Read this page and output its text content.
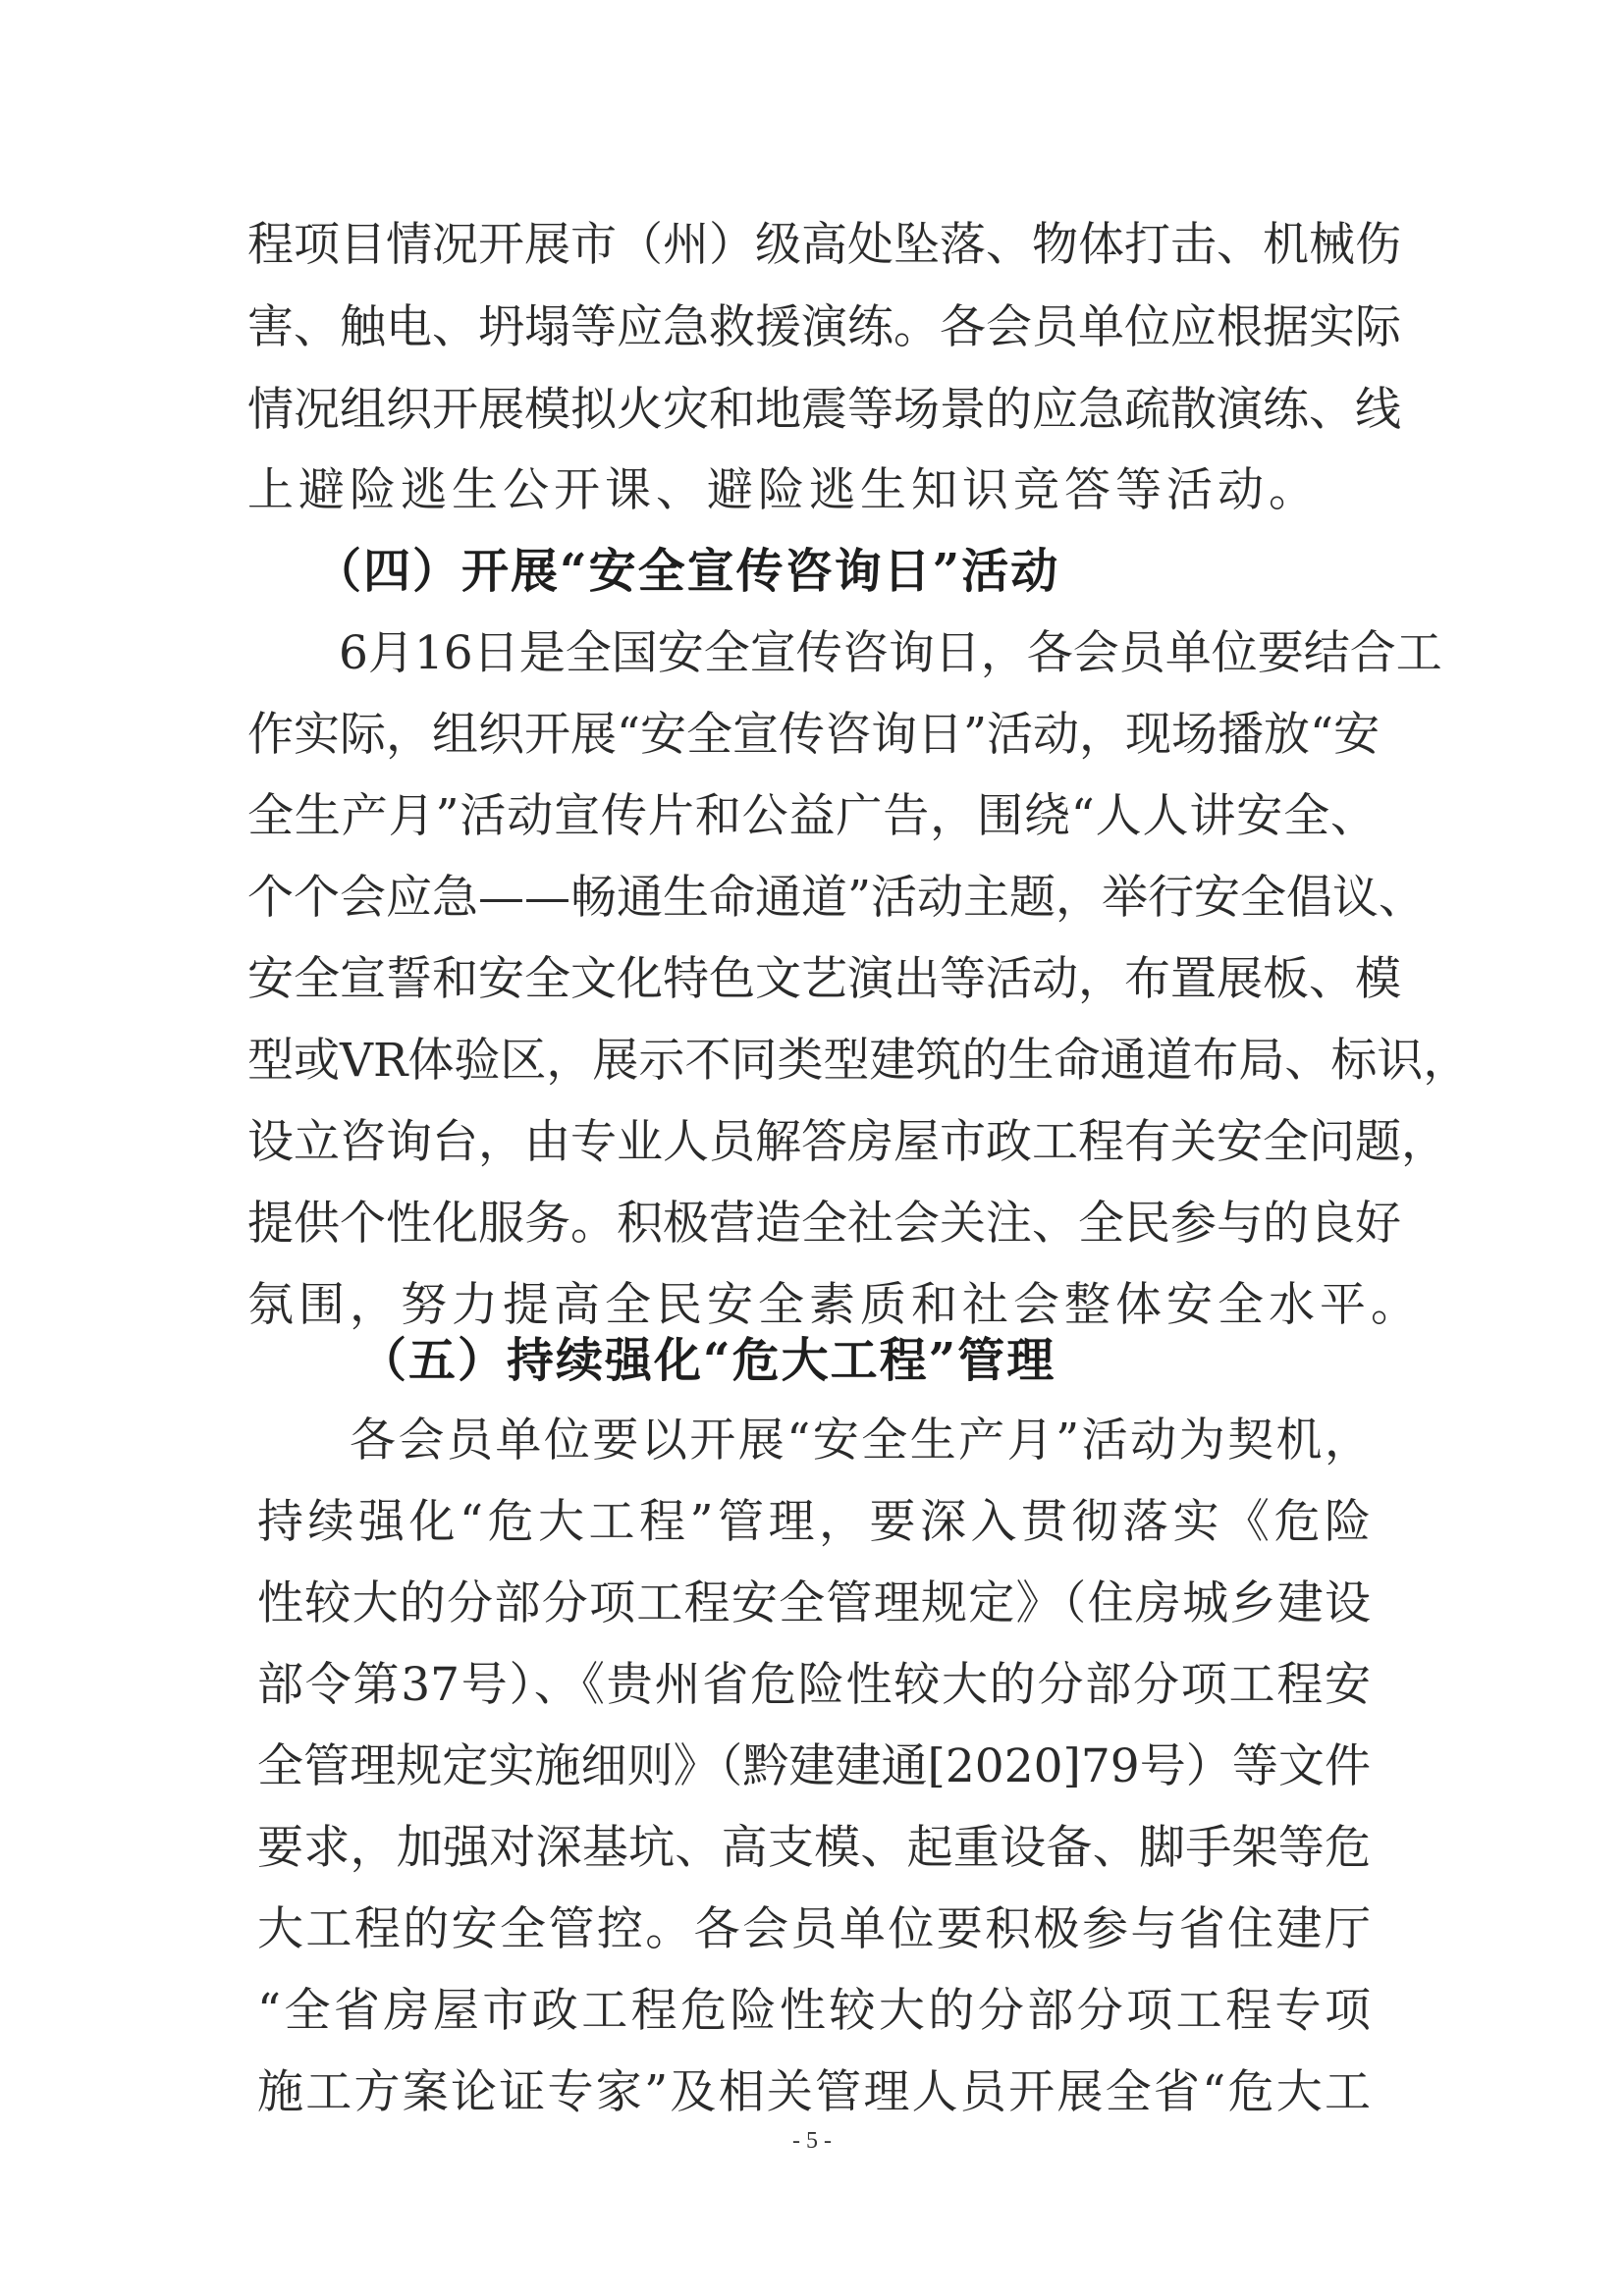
程项目情况开展市（州）级高处坠落、物体打击、机械伤
害、触电、坍塌等应急救援演练。各会员单位应根据实际
情况组织开展模拟火灾和地震等场景的应急疏散演练、线
上避险逃生公开课、避险逃生知识竞答等活动。
（四）开展“安全宣传咨询日”活动
6月16日是全国安全宣传咨询日，各会员单位要结合工
作实际，组织开展“安全宣传咨询日”活动，现场播放“安
全生产月”活动宣传片和公益广告，围绕“人人讲安全、
个个会应急——畅通生命通道”活动主题，举行安全倡议、
安全宣誓和安全文化特色文艺演出等活动，布置展板、模
型或VR体验区，展示不同类型建筑的生命通道布局、标识，
设立咨询台，由专业人员解答房屋市政工程有关安全问题，
提供个性化服务。积极营造全社会关注、全民参与的良好
氛围，努力提高全民安全素质和社会整体安全水平。
（五）持续强化“危大工程”管理
各会员单位要以开展“安全生产月”活动为契机，
持续强化“危大工程”管理，要深入贯彻落实《危险
性较大的分部分项工程安全管理规定》（住房城乡建设
部令第37号）、《贵州省危险性较大的分部分项工程安
全管理规定实施细则》（黔建建通[2020]79号）等文件
要求，加强对深基坑、高支模、起重设备、脚手架等危
大工程的安全管控。各会员单位要积极参与省住建厅
“全省房屋市政工程危险性较大的分部分项工程专项
施工方案论证专家”及相关管理人员开展全省“危大工
- 5 -
